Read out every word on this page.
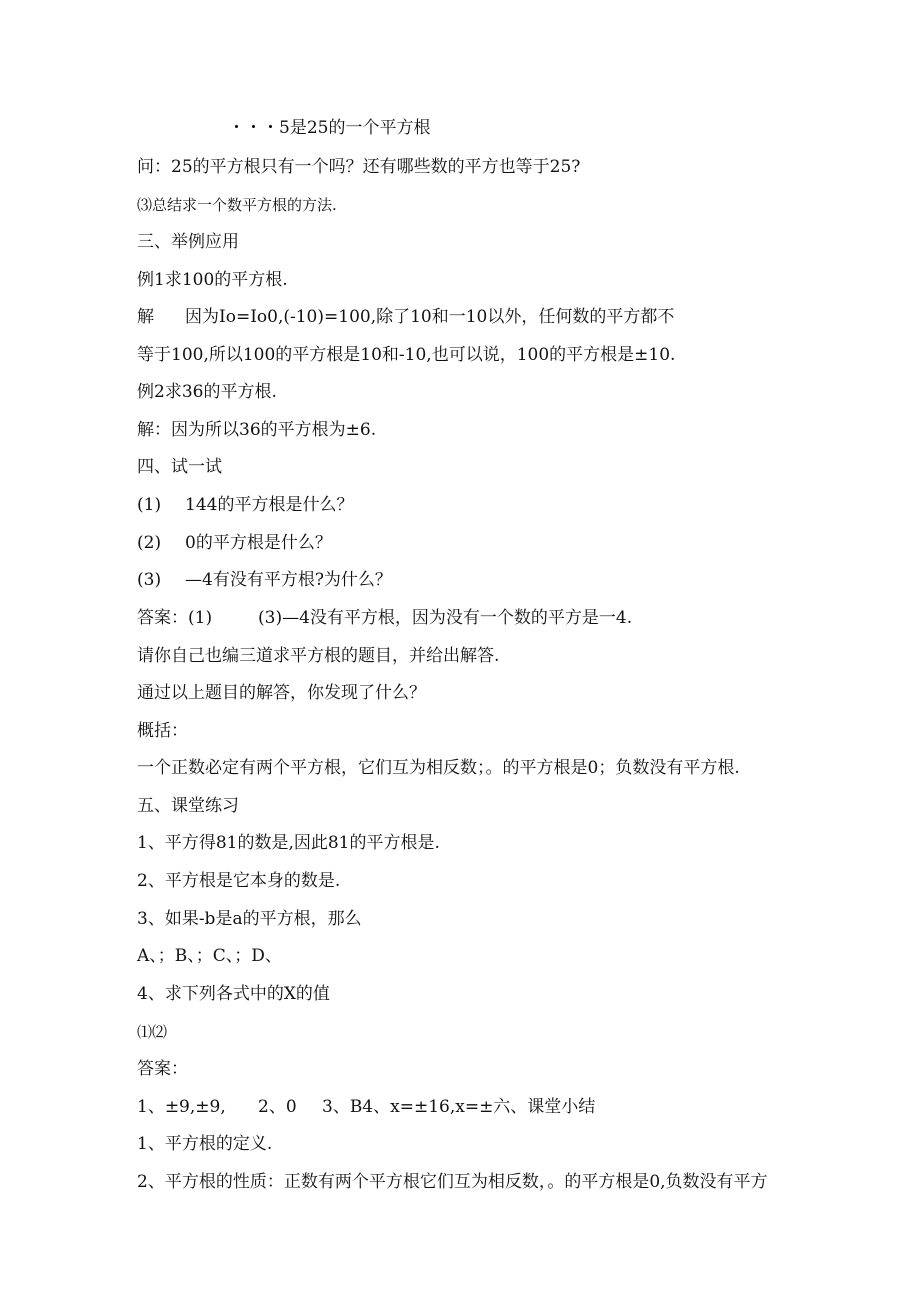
・・・5是25的一个平方根
问：25的平方根只有一个吗？还有哪些数的平方也等于25?
⑶总结求一个数平方根的方法.
三、举例应用
例1求100的平方根.
解 因为Io=Io0,(-10)=100,除了10和一10以外，任何数的平方都不
等于100,所以100的平方根是10和-10,也可以说，100的平方根是±10.
例2求36的平方根.
解：因为所以36的平方根为±6.
四、试一试
(1) 144的平方根是什么？
(2) 0的平方根是什么？
(3) —4有没有平方根?为什么？
答案：(1)	(3)—4没有平方根，因为没有一个数的平方是一4.
请你自己也编三道求平方根的题目，并给出解答.
通过以上题目的解答，你发现了什么？
概括：
一个正数必定有两个平方根，它们互为相反数；。的平方根是0；负数没有平方根.
五、课堂练习
1、平方得81的数是,因此81的平方根是.
2、平方根是它本身的数是.
3、如果-b是a的平方根，那么
A、；B、；C、；D、
4、求下列各式中的X的值
⑴⑵
答案：
1、±9,±9, 2、0 3、B4、x=±16,x=±六、课堂小结
1、平方根的定义.
2、平方根的性质：正数有两个平方根它们互为相反数，。的平方根是0,负数没有平方
